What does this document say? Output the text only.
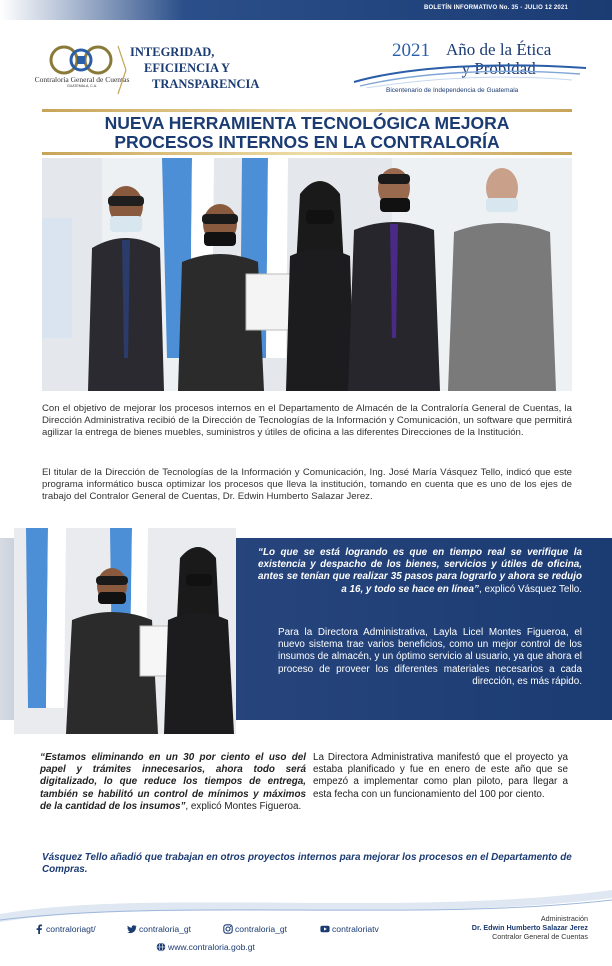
BOLETÍN INFORMATIVO No. 35 - JULIO 12 2021
Contraloría General de Cuentas
GUATEMALA, C.A.
INTEGRIDAD,
EFICIENCIA Y
TRANSPARENCIA
2021 Año de la Ética
y Probidad
Bicentenario de Independencia de Guatemala
NUEVA HERRAMIENTA TECNOLÓGICA MEJORA
PROCESOS INTERNOS EN LA CONTRALORÍA

Con el objetivo de mejorar los procesos internos en el Departamento de Almacén de la Contraloría General de Cuentas, la Dirección Administrativa recibió de la Dirección de Tecnologías de la Información y Comunicación, un software que permitirá agilizar la entrega de bienes muebles, suministros y útiles de oficina a las diferentes Direcciones de la Institución.

El titular de la Dirección de Tecnologías de la Información y Comunicación, Ing. José María Vásquez Tello, indicó que este programa informático busca optimizar los procesos que lleva la institución, tomando en cuenta que es uno de los ejes de trabajo del Contralor General de Cuentas, Dr. Edwin Humberto Salazar Jerez.

“Lo que se está logrando es que en tiempo real se verifique la existencia y despacho de los bienes, servicios y útiles de oficina, antes se tenían que realizar 35 pasos para lograrlo y ahora se redujo a 16, y todo se hace en línea”, explicó Vásquez Tello.

Para la Directora Administrativa, Layla Licel Montes Figueroa, el nuevo sistema trae varios beneficios, como un mejor control de los insumos de almacén, y un óptimo servicio al usuario, ya que ahora el proceso de proveer los diferentes materiales necesarios a cada dirección, es más rápido.

“Estamos eliminando en un 30 por ciento el uso del papel y trámites innecesarios, ahora todo será digitalizado, lo que reduce los tiempos de entrega, también se habilitó un control de mínimos y máximos de la cantidad de los insumos”, explicó Montes Figueroa.

La Directora Administrativa manifestó que el proyecto ya estaba planificado y fue en enero de este año que se empezó a implementar como plan piloto, para llegar a esta fecha con un funcionamiento del 100 por ciento.

Vásquez Tello añadió que trabajan en otros proyectos internos para mejorar los procesos en el Departamento de Compras.

contraloriagt/	contraloria_gt	contraloria_gt	contraloriatv
www.contraloria.gob.gt
Administración
Dr. Edwin Humberto Salazar Jerez
Contralor General de Cuentas
